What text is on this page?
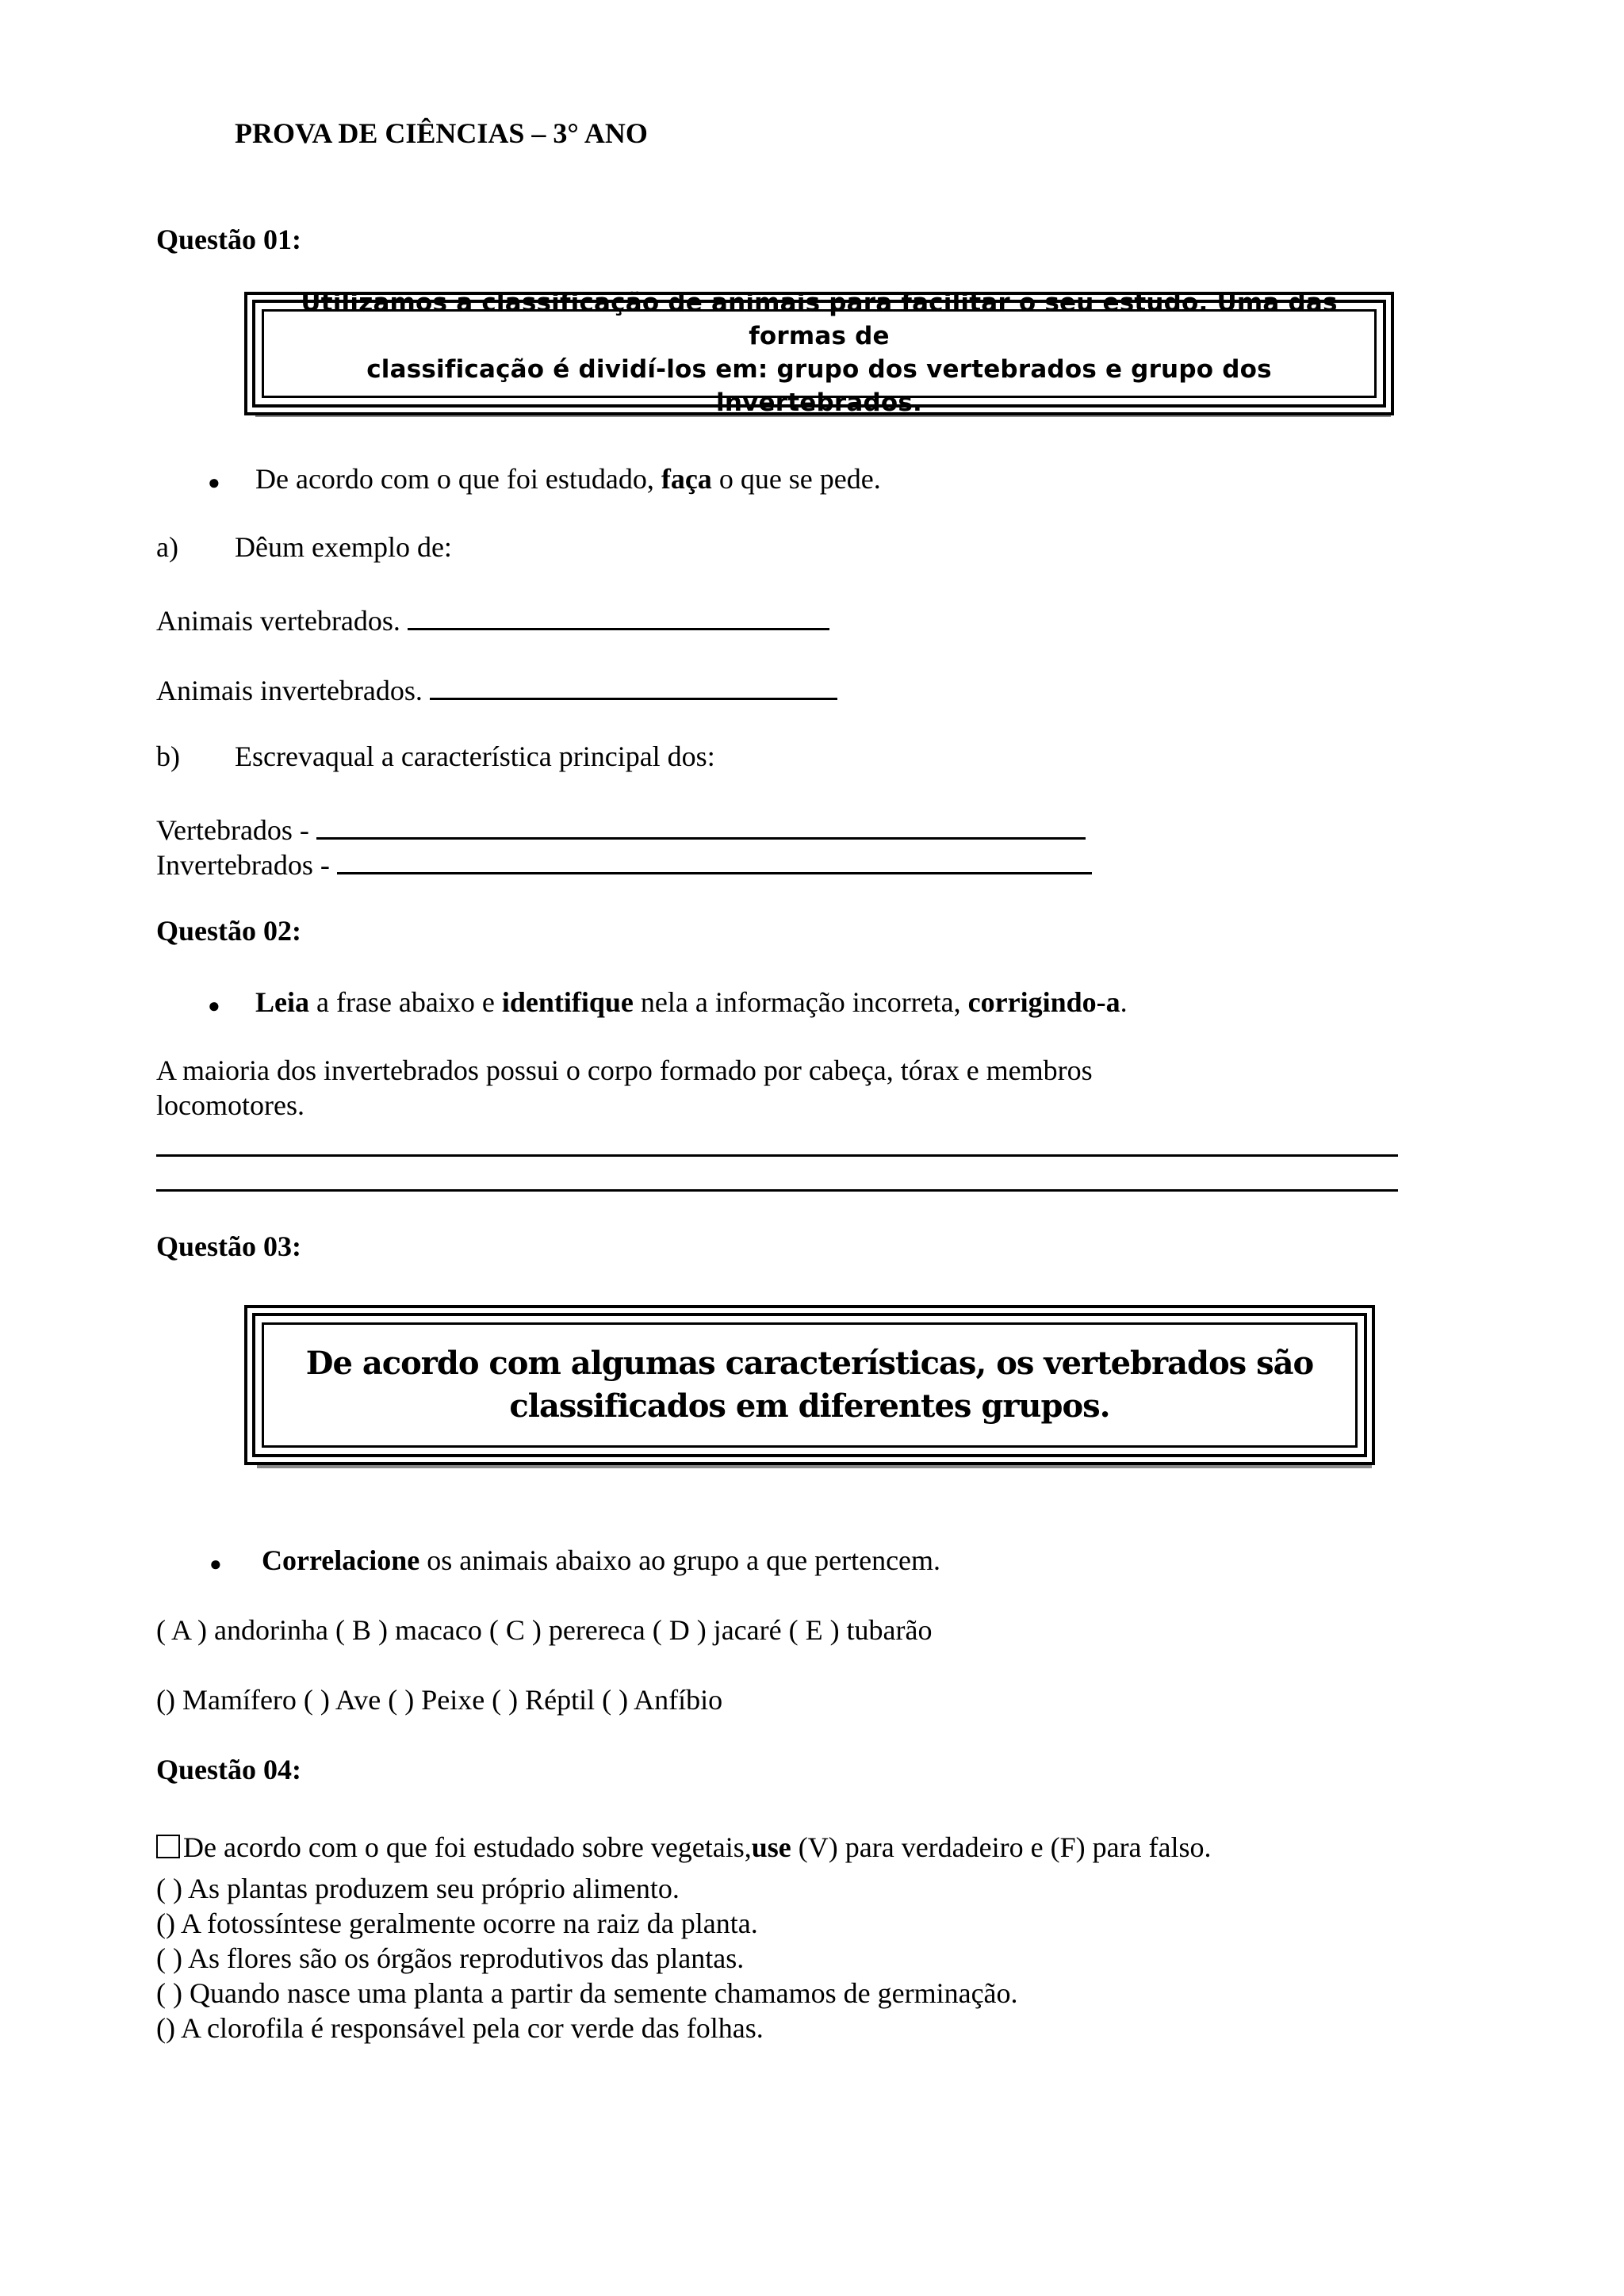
PROVA DE CIÊNCIAS – 3° ANO
Questão 01:
Utilizamos a classificação de animais para facilitar o seu estudo. Uma das formas de
classificação é dividí-los em: grupo dos vertebrados e grupo dos invertebrados.
● De acordo com o que foi estudado, faça o que se pede.
a) Dêum exemplo de:
Animais vertebrados.
Animais invertebrados.
b) Escrevaqual a característica principal dos:
Vertebrados -
Invertebrados -
Questão 02:
● Leia a frase abaixo e identifique nela a informação incorreta, corrigindo-a.
A maioria dos invertebrados possui o corpo formado por cabeça, tórax e membros
locomotores.
Questão 03:
De acordo com algumas características, os vertebrados são
classificados em diferentes grupos.
● Correlacione os animais abaixo ao grupo a que pertencem.
( A ) andorinha ( B ) macaco ( C ) perereca ( D ) jacaré ( E ) tubarão
() Mamífero ( ) Ave ( ) Peixe ( ) Réptil ( ) Anfíbio
Questão 04:
De acordo com o que foi estudado sobre vegetais,use (V) para verdadeiro e (F) para falso.
( ) As plantas produzem seu próprio alimento.
() A fotossíntese geralmente ocorre na raiz da planta.
( ) As flores são os órgãos reprodutivos das plantas.
( ) Quando nasce uma planta a partir da semente chamamos de germinação.
() A clorofila é responsável pela cor verde das folhas.
